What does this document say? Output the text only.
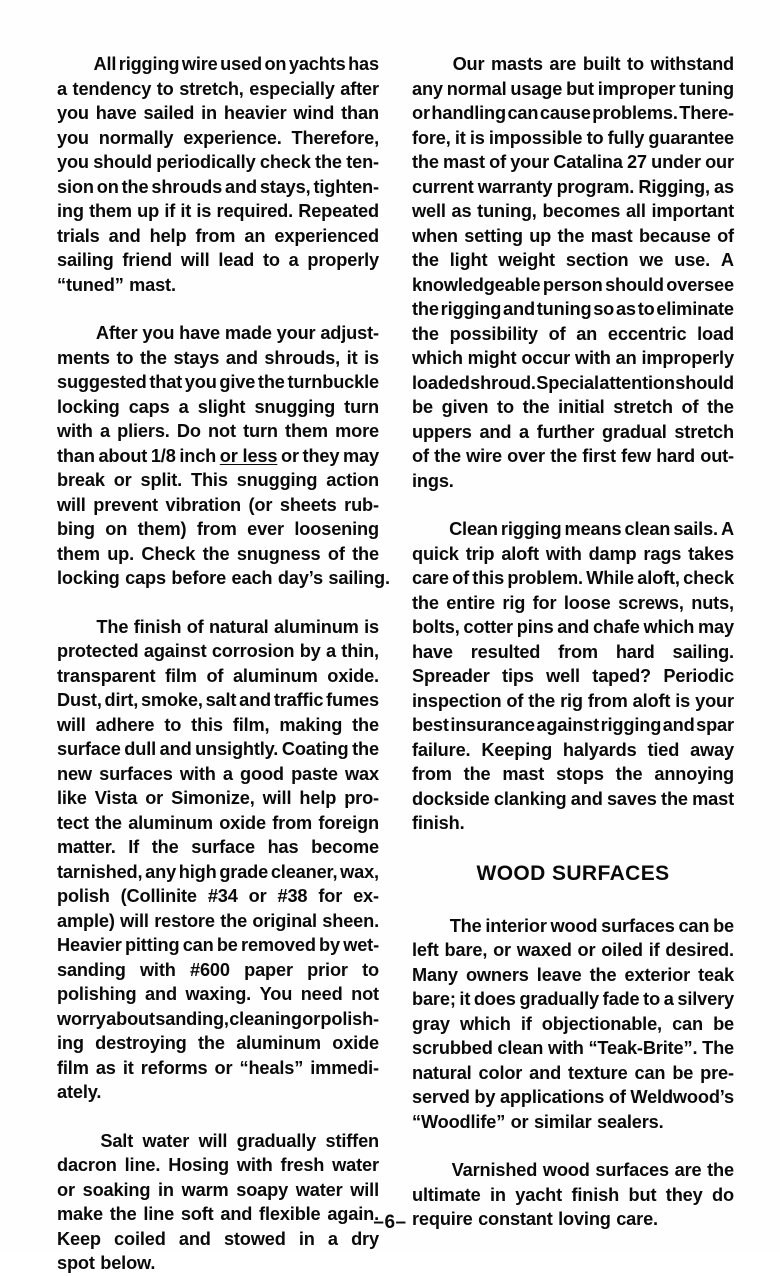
All rigging wire used on yachts has
a tendency to stretch, especially after
you have sailed in heavier wind than
you normally experience. Therefore,
you should periodically check the ten-
sion on the shrouds and stays, tighten-
ing them up if it is required. Repeated
trials and help from an experienced
sailing friend will lead to a properly
“tuned” mast.
After you have made your adjust-
ments to the stays and shrouds, it is
suggested that you give the turnbuckle
locking caps a slight snugging turn
with a pliers. Do not turn them more
than about 1/8 inch or less or they may
break or split. This snugging action
will prevent vibration (or sheets rub-
bing on them) from ever loosening
them up. Check the snugness of the
locking caps before each day’s sailing.
The finish of natural aluminum is
protected against corrosion by a thin,
transparent film of aluminum oxide.
Dust, dirt, smoke, salt and traffic fumes
will adhere to this film, making the
surface dull and unsightly. Coating the
new surfaces with a good paste wax
like Vista or Simonize, will help pro-
tect the aluminum oxide from foreign
matter. If the surface has become
tarnished, any high grade cleaner, wax,
polish (Collinite #34 or #38 for ex-
ample) will restore the original sheen.
Heavier pitting can be removed by wet-
sanding with #600 paper prior to
polishing and waxing. You need not
worry about sanding, cleaning or polish-
ing destroying the aluminum oxide
film as it reforms or “heals” immedi-
ately.
Salt water will gradually stiffen
dacron line. Hosing with fresh water
or soaking in warm soapy water will
make the line soft and flexible again.
Keep coiled and stowed in a dry
spot below.
Our masts are built to withstand
any normal usage but improper tuning
or handling can cause problems. There-
fore, it is impossible to fully guarantee
the mast of your Catalina 27 under our
current warranty program. Rigging, as
well as tuning, becomes all important
when setting up the mast because of
the light weight section we use. A
knowledgeable person should oversee
the rigging and tuning so as to eliminate
the possibility of an eccentric load
which might occur with an improperly
loaded shroud. Special attention should
be given to the initial stretch of the
uppers and a further gradual stretch
of the wire over the first few hard out-
ings.
Clean rigging means clean sails. A
quick trip aloft with damp rags takes
care of this problem. While aloft, check
the entire rig for loose screws, nuts,
bolts, cotter pins and chafe which may
have resulted from hard sailing.
Spreader tips well taped? Periodic
inspection of the rig from aloft is your
best insurance against rigging and spar
failure. Keeping halyards tied away
from the mast stops the annoying
dockside clanking and saves the mast
finish.
WOOD SURFACES
The interior wood surfaces can be
left bare, or waxed or oiled if desired.
Many owners leave the exterior teak
bare; it does gradually fade to a silvery
gray which if objectionable, can be
scrubbed clean with “Teak-Brite”. The
natural color and texture can be pre-
served by applications of Weldwood’s
“Woodlife” or similar sealers.
Varnished wood surfaces are the
ultimate in yacht finish but they do
require constant loving care.
–6–
